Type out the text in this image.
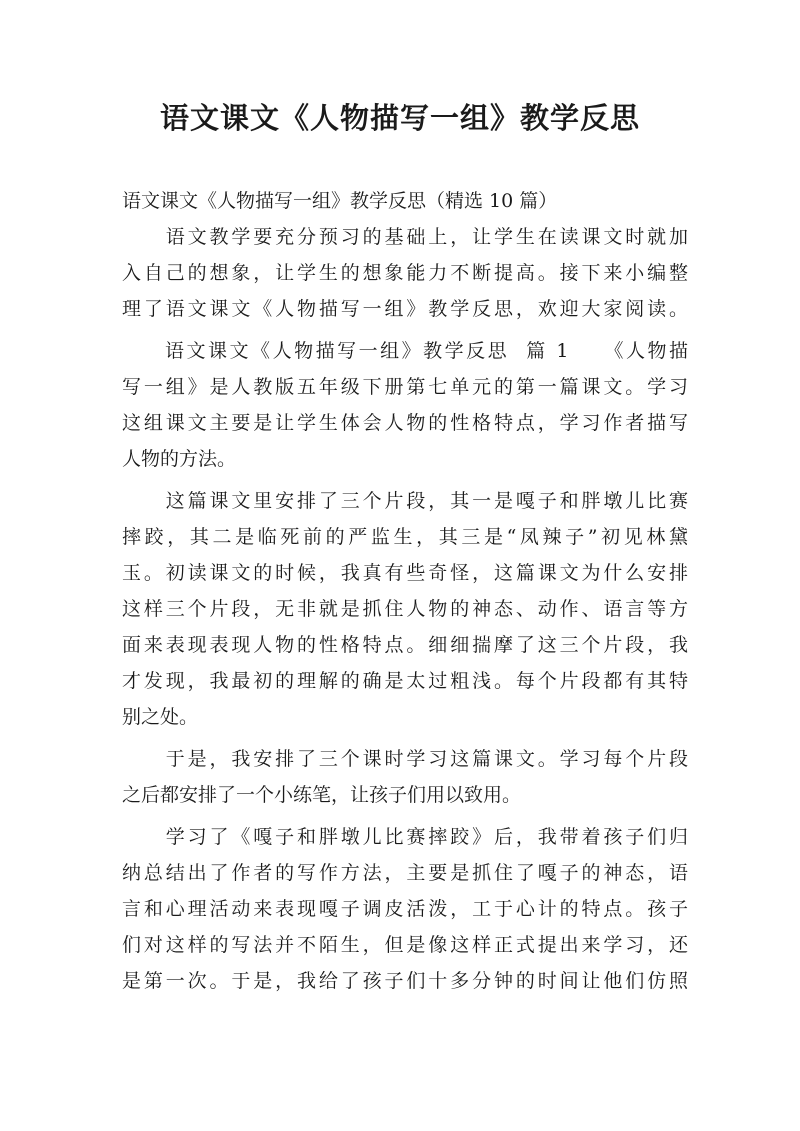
语文课文《人物描写一组》教学反思
语文课文《人物描写一组》教学反思（精选 10 篇）
　　语文教学要充分预习的基础上，让学生在读课文时就加
入自己的想象，让学生的想象能力不断提高。接下来小编整
理了语文课文《人物描写一组》教学反思，欢迎大家阅读。
　　语文课文《人物描写一组》教学反思  篇 1　　《人物描
写一组》是人教版五年级下册第七单元的第一篇课文。学习
这组课文主要是让学生体会人物的性格特点，学习作者描写
人物的方法。
　　这篇课文里安排了三个片段，其一是嘎子和胖墩儿比赛
摔跤，其二是临死前的严监生，其三是“凤辣子”初见林黛
玉。初读课文的时候，我真有些奇怪，这篇课文为什么安排
这样三个片段，无非就是抓住人物的神态、动作、语言等方
面来表现表现人物的性格特点。细细揣摩了这三个片段，我
才发现，我最初的理解的确是太过粗浅。每个片段都有其特
别之处。
　　于是，我安排了三个课时学习这篇课文。学习每个片段
之后都安排了一个小练笔，让孩子们用以致用。
　　学习了《嘎子和胖墩儿比赛摔跤》后，我带着孩子们归
纳总结出了作者的写作方法，主要是抓住了嘎子的神态，语
言和心理活动来表现嘎子调皮活泼，工于心计的特点。孩子
们对这样的写法并不陌生，但是像这样正式提出来学习，还
是第一次。于是，我给了孩子们十多分钟的时间让他们仿照
